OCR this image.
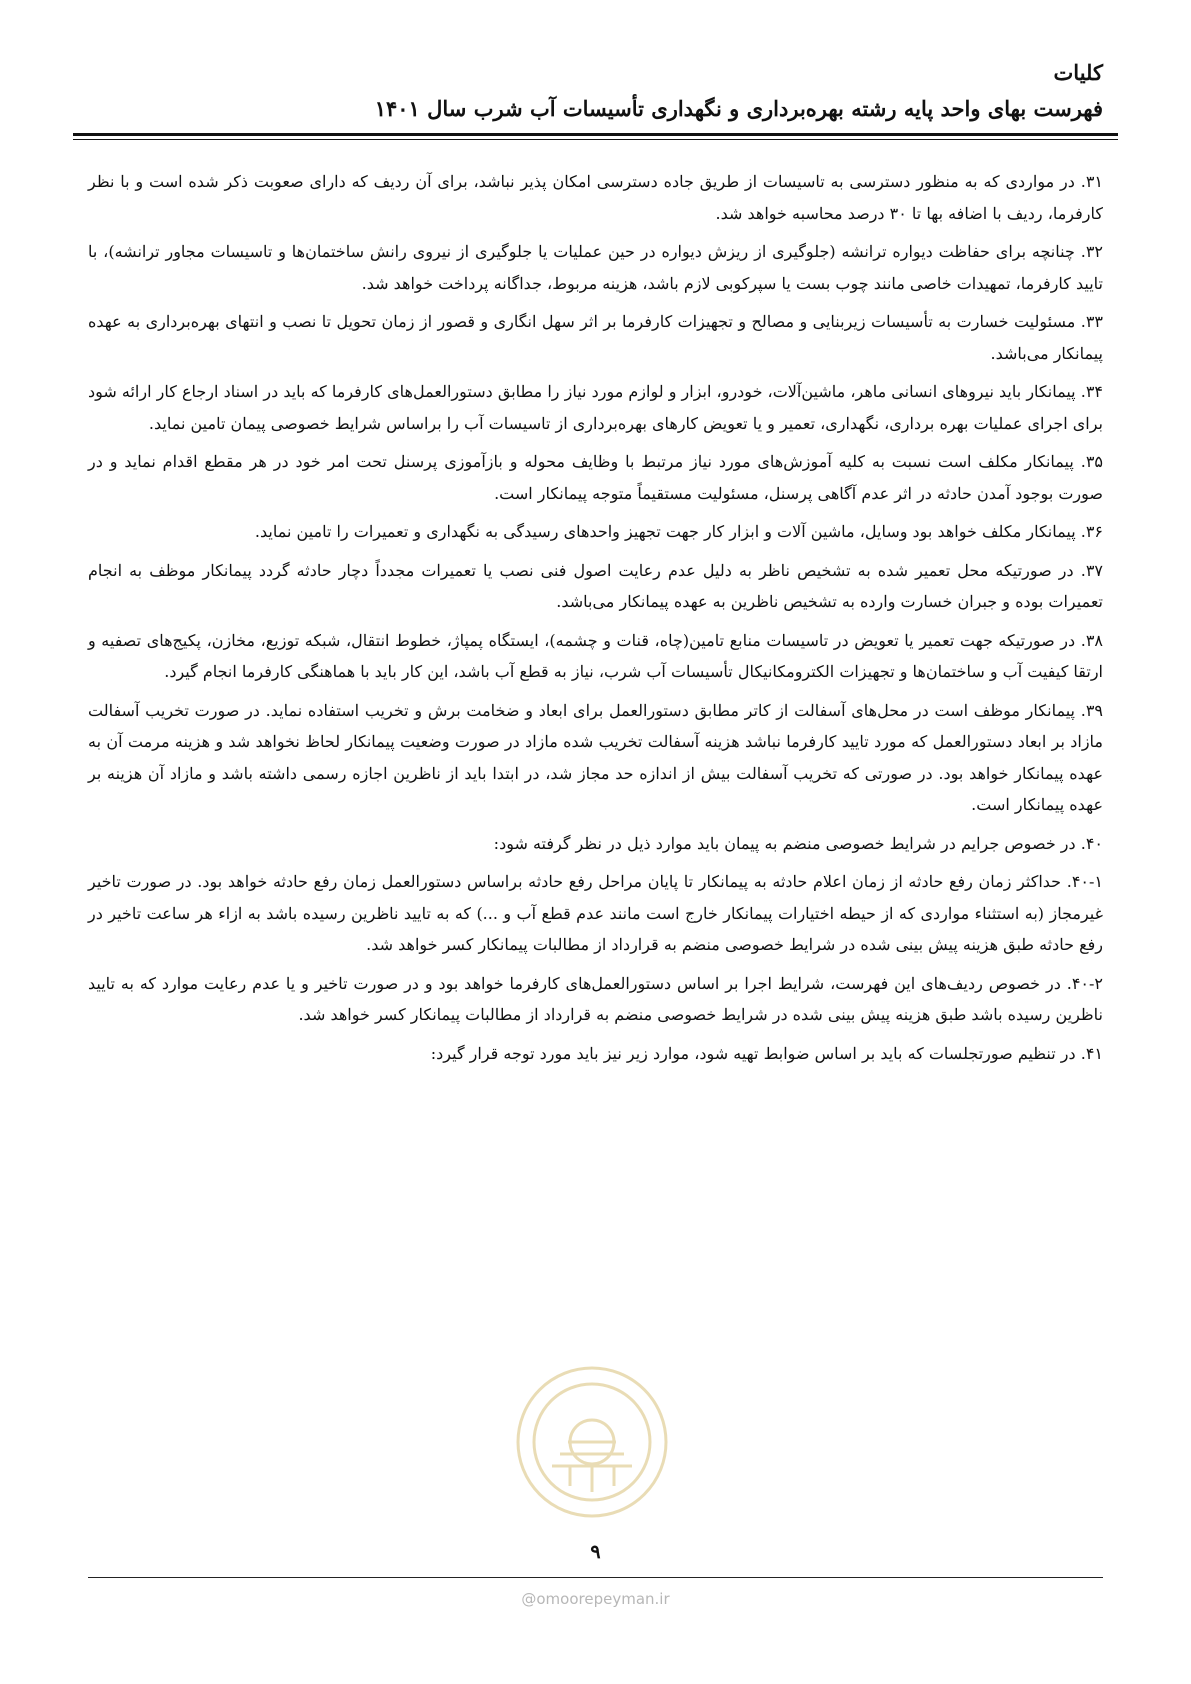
کلیات
فهرست بهای واحد پایه رشته بهره‌برداری و نگهداری تأسیسات آب شرب سال ۱۴۰۱

۳۱. در مواردی که به منظور دسترسی به تاسیسات از طریق جاده دسترسی امکان پذیر نباشد، برای آن ردیف که دارای صعوبت ذکر شده است و با نظر کارفرما، ردیف با اضافه بها تا ۳۰ درصد محاسبه خواهد شد.

۳۲. چنانچه برای حفاظت دیواره ترانشه (جلوگیری از ریزش دیواره در حین عملیات یا جلوگیری از نیروی رانش ساختمان‌ها و تاسیسات مجاور ترانشه)، با تایید کارفرما، تمهیدات خاصی مانند چوب بست یا سپرکوبی لازم باشد، هزینه مربوط، جداگانه پرداخت خواهد شد.

۳۳. مسئولیت خسارت به تأسیسات زیربنایی و مصالح و تجهیزات کارفرما بر اثر سهل انگاری و قصور از زمان تحویل تا نصب و انتهای بهره‌برداری به عهده پیمانکار می‌باشد.

۳۴. پیمانکار باید نیروهای انسانی ماهر، ماشین‌آلات، خودرو، ابزار و لوازم مورد نیاز را مطابق دستورالعمل‌های کارفرما که باید در اسناد ارجاع کار ارائه شود برای اجرای عملیات بهره برداری، نگهداری، تعمیر و یا تعویض کارهای بهره‌برداری از تاسیسات آب را براساس شرایط خصوصی پیمان تامین نماید.

۳۵. پیمانکار مکلف است نسبت به کلیه آموزش‌های مورد نیاز مرتبط با وظایف محوله و بازآموزی پرسنل تحت امر خود در هر مقطع اقدام نماید و در صورت بوجود آمدن حادثه در اثر عدم آگاهی پرسنل، مسئولیت مستقیماً متوجه پیمانکار است.

۳۶. پیمانکار مکلف خواهد بود وسایل، ماشین آلات و ابزار کار جهت تجهیز واحدهای رسیدگی به نگهداری و تعمیرات را تامین نماید.

۳۷. در صورتیکه محل تعمیر شده به تشخیص ناظر به دلیل عدم رعایت اصول فنی نصب یا تعمیرات مجدداً دچار حادثه گردد پیمانکار موظف به انجام تعمیرات بوده و جبران خسارت وارده به تشخیص ناظرین به عهده پیمانکار می‌باشد.

۳۸. در صورتیکه جهت تعمیر یا تعویض در تاسیسات منابع تامین(چاه، قنات و چشمه)، ایستگاه پمپاژ، خطوط انتقال، شبکه توزیع، مخازن، پکیج‌های تصفیه و ارتقا کیفیت آب و ساختمان‌ها و تجهیزات الکترومکانیکال تأسیسات آب شرب، نیاز به قطع آب باشد، این کار باید با هماهنگی کارفرما انجام گیرد.

۳۹. پیمانکار موظف است در محل‌های آسفالت از کاتر مطابق دستورالعمل برای ابعاد و ضخامت برش و تخریب استفاده نماید. در صورت تخریب آسفالت مازاد بر ابعاد دستورالعمل که مورد تایید کارفرما نباشد هزینه آسفالت تخریب شده مازاد در صورت وضعیت پیمانکار لحاظ نخواهد شد و هزینه مرمت آن به عهده پیمانکار خواهد بود. در صورتی که تخریب آسفالت بیش از اندازه حد مجاز شد، در ابتدا باید از ناظرین اجازه رسمی داشته باشد و مازاد آن هزینه بر عهده پیمانکار است.

۴۰. در خصوص جرایم در شرایط خصوصی منضم به پیمان باید موارد ذیل در نظر گرفته شود:

۴۰-۱. حداکثر زمان رفع حادثه از زمان اعلام حادثه به پیمانکار تا پایان مراحل رفع حادثه براساس دستورالعمل زمان رفع حادثه خواهد بود. در صورت تاخیر غیرمجاز (به استثناء مواردی که از حیطه اختیارات پیمانکار خارج است مانند عدم قطع آب و ...) که به تایید ناظرین رسیده باشد به ازاء هر ساعت تاخیر در رفع حادثه طبق هزینه پیش بینی شده در شرایط خصوصی منضم به قرارداد از مطالبات پیمانکار کسر خواهد شد.

۴۰-۲. در خصوص ردیف‌های این فهرست، شرایط اجرا بر اساس دستورالعمل‌های کارفرما خواهد بود و در صورت تاخیر و یا عدم رعایت موارد که به تایید ناظرین رسیده باشد طبق هزینه پیش بینی شده در شرایط خصوصی منضم به قرارداد از مطالبات پیمانکار کسر خواهد شد.

۴۱. در تنظیم صورتجلسات که باید بر اساس ضوابط تهیه شود، موارد زیر نیز باید مورد توجه قرار گیرد:

۹
@omoorepeyman.ir
